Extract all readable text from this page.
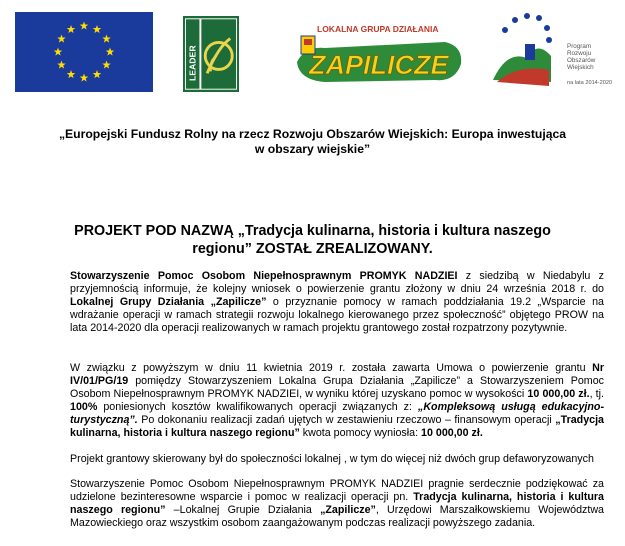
LEADER
LOKALNA GRUPA DZIAŁANIA
ZAPILICZE
Program
Rozwoju
Obszarów
Wiejskich
na lata 2014-2020
„Europejski Fundusz Rolny na rzecz Rozwoju Obszarów Wiejskich: Europa inwestująca
w obszary wiejskie”
PROJEKT POD NAZWĄ „Tradycja kulinarna, historia i kultura naszego
regionu” ZOSTAŁ ZREALIZOWANY.
Stowarzyszenie Pomoc Osobom Niepełnosprawnym PROMYK NADZIEI z siedzibą w Niedabylu z przyjemnością informuje, że kolejny wniosek o powierzenie grantu złożony w dniu 24 września 2018 r. do Lokalnej Grupy Działania „Zapilicze” o przyznanie pomocy w ramach poddziałania 19.2 „Wsparcie na wdrażanie operacji w ramach strategii rozwoju lokalnego kierowanego przez społeczność” objętego PROW na lata 2014-2020 dla operacji realizowanych w ramach projektu grantowego został rozpatrzony pozytywnie.
W związku z powyższym w dniu 11 kwietnia 2019 r. została zawarta Umowa o powierzenie grantu Nr IV/01/PG/19 pomiędzy Stowarzyszeniem Lokalna Grupa Działania „Zapilicze” a Stowarzyszeniem Pomoc Osobom Niepełnosprawnym PROMYK NADZIEI, w wyniku której uzyskano pomoc w wysokości 10 000,00 zł., tj. 100% poniesionych kosztów kwalifikowanych operacji związanych z: „Kompleksową usługą edukacyjno-turystyczną”. Po dokonaniu realizacji zadań ujętych w zestawieniu rzeczowo – finansowym operacji „Tradycja kulinarna, historia i kultura naszego regionu” kwota pomocy wyniosła: 10 000,00 zł.
Projekt grantowy skierowany był do społeczności lokalnej , w tym do więcej niż dwóch grup defaworyzowanych
Stowarzyszenie Pomoc Osobom Niepełnosprawnym PROMYK NADZIEI pragnie serdecznie podziękować za udzielone bezinteresowne wsparcie i pomoc w realizacji operacji pn. Tradycja kulinarna, historia i kultura naszego regionu” –Lokalnej Grupie Działania „Zapilicze”, Urzędowi Marszałkowskiemu Województwa Mazowieckiego oraz wszystkim osobom zaangażowanym podczas realizacji powyższego zadania.
